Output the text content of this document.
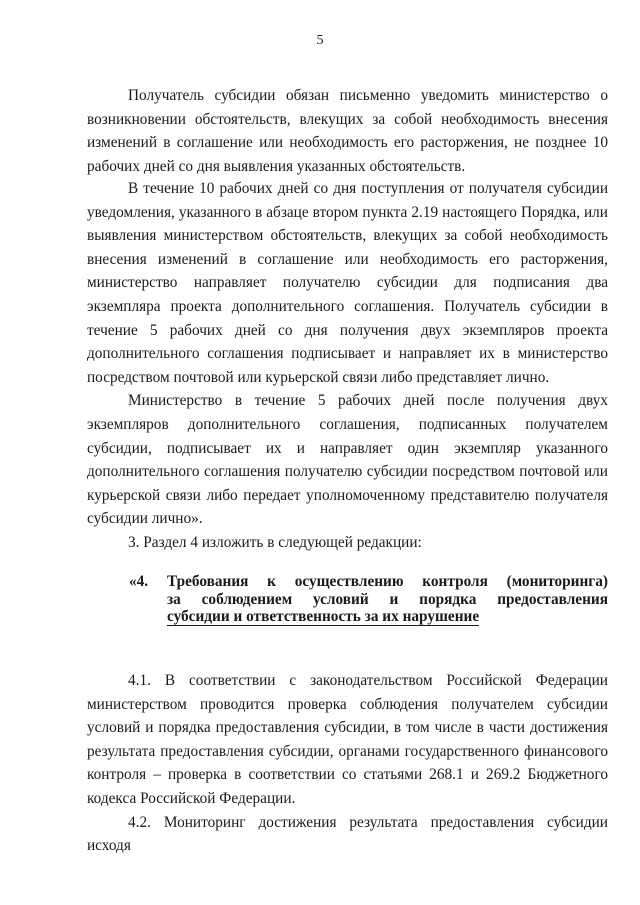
5

Получатель субсидии обязан письменно уведомить министерство о возникновении обстоятельств, влекущих за собой необходимость внесения изменений в соглашение или необходимость его расторжения, не позднее 10 рабочих дней со дня выявления указанных обстоятельств.

В течение 10 рабочих дней со дня поступления от получателя субсидии уведомления, указанного в абзаце втором пункта 2.19 настоящего Порядка, или выявления министерством обстоятельств, влекущих за собой необходимость внесения изменений в соглашение или необходимость его расторжения, министерство направляет получателю субсидии для подписания два экземпляра проекта дополнительного соглашения. Получатель субсидии в течение 5 рабочих дней со дня получения двух экземпляров проекта дополнительного соглашения подписывает и направляет их в министерство посредством почтовой или курьерской связи либо представляет лично.

Министерство в течение 5 рабочих дней после получения двух экземпляров дополнительного соглашения, подписанных получателем субсидии, подписывает их и направляет один экземпляр указанного дополнительного соглашения получателю субсидии посредством почтовой или курьерской связи либо передает уполномоченному представителю получателя субсидии лично».

3. Раздел 4 изложить в следующей редакции:

«4.	Требования к осуществлению контроля (мониторинга)
за соблюдением условий и порядка предоставления
субсидии и ответственность за их нарушение

4.1. В соответствии с законодательством Российской Федерации министерством проводится проверка соблюдения получателем субсидии условий и порядка предоставления субсидии, в том числе в части достижения результата предоставления субсидии, органами государственного финансового контроля – проверка в соответствии со статьями 268.1 и 269.2 Бюджетного кодекса Российской Федерации.

4.2. Мониторинг достижения результата предоставления субсидии исходя
